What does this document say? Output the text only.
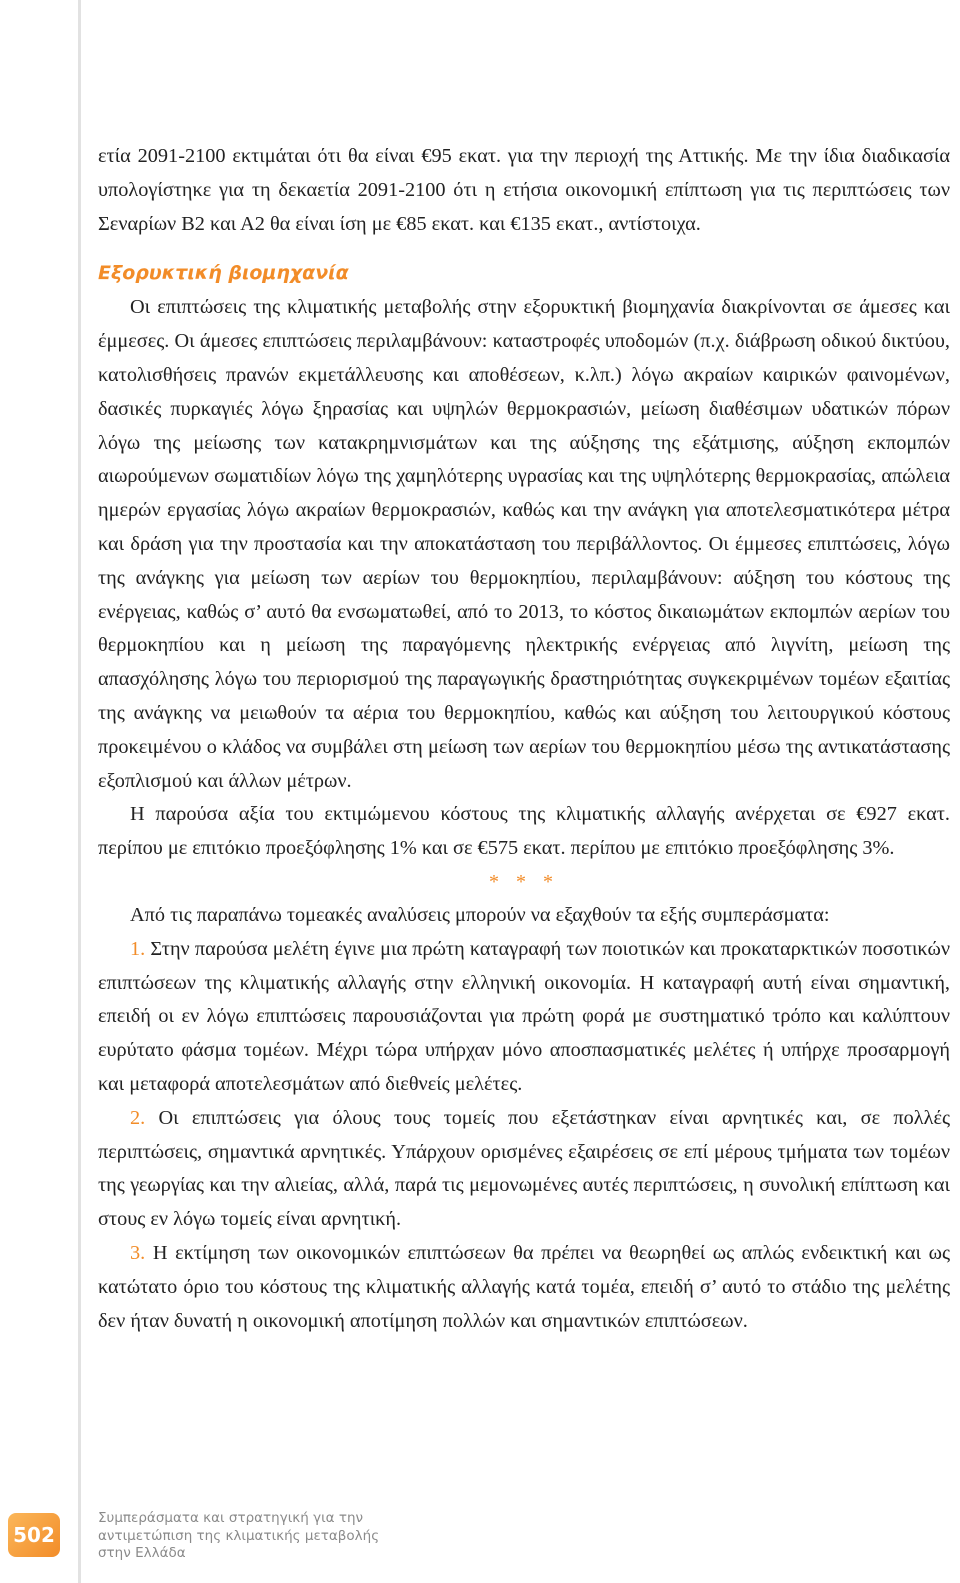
ετία 2091-2100 εκτιμάται ότι θα είναι €95 εκατ. για την περιοχή της Αττικής. Με την ίδια διαδικασία υπολογίστηκε για τη δεκαετία 2091-2100 ότι η ετήσια οικονομική επίπτωση για τις περιπτώσεις των Σεναρίων Β2 και Α2 θα είναι ίση με €85 εκατ. και €135 εκατ., αντίστοιχα.

Εξορυκτική βιομηχανία

Οι επιπτώσεις της κλιματικής μεταβολής στην εξορυκτική βιομηχανία διακρίνονται σε άμεσες και έμμεσες. Οι άμεσες επιπτώσεις περιλαμβάνουν: καταστροφές υποδομών (π.χ. διάβρωση οδικού δικτύου, κατολισθήσεις πρανών εκμετάλλευσης και αποθέσεων, κ.λπ.) λόγω ακραίων καιρικών φαινομένων, δασικές πυρκαγιές λόγω ξηρασίας και υψηλών θερμοκρασιών, μείωση διαθέσιμων υδατικών πόρων λόγω της μείωσης των κατακρημνισμάτων και της αύξησης της εξάτμισης, αύξηση εκπομπών αιωρούμενων σωματιδίων λόγω της χαμηλότερης υγρασίας και της υψηλότερης θερμοκρασίας, απώλεια ημερών εργασίας λόγω ακραίων θερμοκρασιών, καθώς και την ανάγκη για αποτελεσματικότερα μέτρα και δράση για την προστασία και την αποκατάσταση του περιβάλλοντος. Οι έμμεσες επιπτώσεις, λόγω της ανάγκης για μείωση των αερίων του θερμοκηπίου, περιλαμβάνουν: αύξηση του κόστους της ενέργειας, καθώς σ’ αυτό θα ενσωματωθεί, από το 2013, το κόστος δικαιωμάτων εκπομπών αερίων του θερμοκηπίου και η μείωση της παραγόμενης ηλεκτρικής ενέργειας από λιγνίτη, μείωση της απασχόλησης λόγω του περιορισμού της παραγωγικής δραστηριότητας συγκεκριμένων τομέων εξαιτίας της ανάγκης να μειωθούν τα αέρια του θερμοκηπίου, καθώς και αύξηση του λειτουργικού κόστους προκειμένου ο κλάδος να συμβάλει στη μείωση των αερίων του θερμοκηπίου μέσω της αντικατάστασης εξοπλισμού και άλλων μέτρων.

Η παρούσα αξία του εκτιμώμενου κόστους της κλιματικής αλλαγής ανέρχεται σε €927 εκατ. περίπου με επιτόκιο προεξόφλησης 1% και σε €575 εκατ. περίπου με επιτόκιο προεξόφλησης 3%.

* * *

Από τις παραπάνω τομεακές αναλύσεις μπορούν να εξαχθούν τα εξής συμπεράσματα:

1. Στην παρούσα μελέτη έγινε μια πρώτη καταγραφή των ποιοτικών και προκαταρκτικών ποσοτικών επιπτώσεων της κλιματικής αλλαγής στην ελληνική οικονομία. Η καταγραφή αυτή είναι σημαντική, επειδή οι εν λόγω επιπτώσεις παρουσιάζονται για πρώτη φορά με συστηματικό τρόπο και καλύπτουν ευρύτατο φάσμα τομέων. Μέχρι τώρα υπήρχαν μόνο αποσπασματικές μελέτες ή υπήρχε προσαρμογή και μεταφορά αποτελεσμάτων από διεθνείς μελέτες.

2. Οι επιπτώσεις για όλους τους τομείς που εξετάστηκαν είναι αρνητικές και, σε πολλές περιπτώσεις, σημαντικά αρνητικές. Υπάρχουν ορισμένες εξαιρέσεις σε επί μέρους τμήματα των τομέων της γεωργίας και την αλιείας, αλλά, παρά τις μεμονωμένες αυτές περιπτώσεις, η συνολική επίπτωση και στους εν λόγω τομείς είναι αρνητική.

3. Η εκτίμηση των οικονομικών επιπτώσεων θα πρέπει να θεωρηθεί ως απλώς ενδεικτική και ως κατώτατο όριο του κόστους της κλιματικής αλλαγής κατά τομέα, επειδή σ’ αυτό το στάδιο της μελέτης δεν ήταν δυνατή η οικονομική αποτίμηση πολλών και σημαντικών επιπτώσεων.

502
Συμπεράσματα και στρατηγική για την
αντιμετώπιση της κλιματικής μεταβολής
στην Ελλάδα
